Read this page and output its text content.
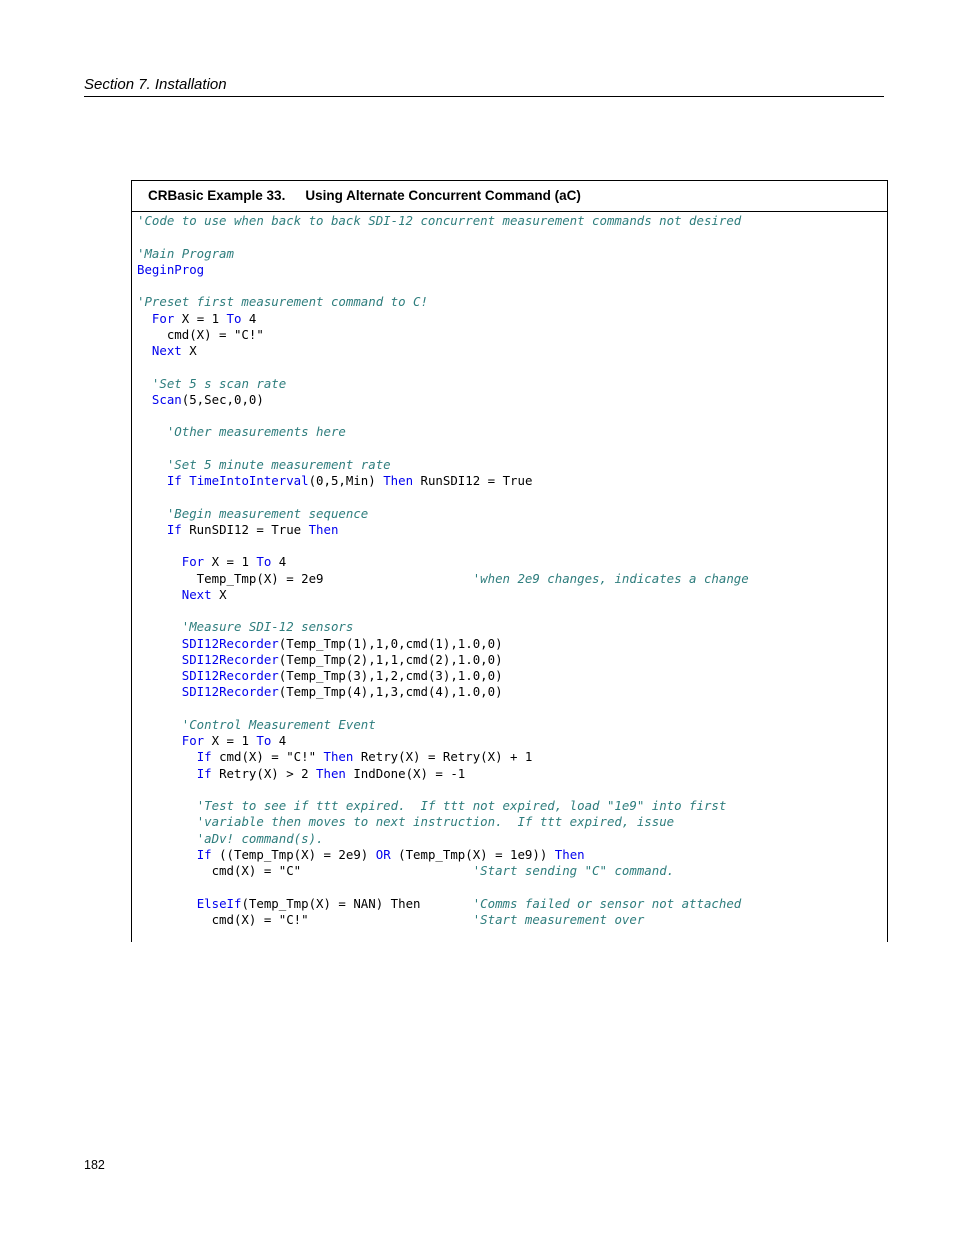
Section 7. Installation
CRBasic Example 33. Using Alternate Concurrent Command (aC)
'Code to use when back to back SDI-12 concurrent measurement commands not desired

'Main Program
BeginProg

'Preset first measurement command to C!
For X = 1 To 4
cmd(X) = "C!"
Next X

'Set 5 s scan rate
Scan(5,Sec,0,0)

'Other measurements here

'Set 5 minute measurement rate
If TimeIntoInterval(0,5,Min) Then RunSDI12 = True

'Begin measurement sequence
If RunSDI12 = True Then

For X = 1 To 4
Temp_Tmp(X) = 2e9                    'when 2e9 changes, indicates a change
Next X

'Measure SDI-12 sensors
SDI12Recorder(Temp_Tmp(1),1,0,cmd(1),1.0,0)
SDI12Recorder(Temp_Tmp(2),1,1,cmd(2),1.0,0)
SDI12Recorder(Temp_Tmp(3),1,2,cmd(3),1.0,0)
SDI12Recorder(Temp_Tmp(4),1,3,cmd(4),1.0,0)

'Control Measurement Event
For X = 1 To 4
If cmd(X) = "C!" Then Retry(X) = Retry(X) + 1
If Retry(X) > 2 Then IndDone(X) = -1

'Test to see if ttt expired.  If ttt not expired, load "1e9" into first
'variable then moves to next instruction.  If ttt expired, issue
'aDv! command(s).
If ((Temp_Tmp(X) = 2e9) OR (Temp_Tmp(X) = 1e9)) Then
cmd(X) = "C"                       'Start sending "C" command.

ElseIf(Temp_Tmp(X) = NAN) Then       'Comms failed or sensor not attached
cmd(X) = "C!"                      'Start measurement over
182
